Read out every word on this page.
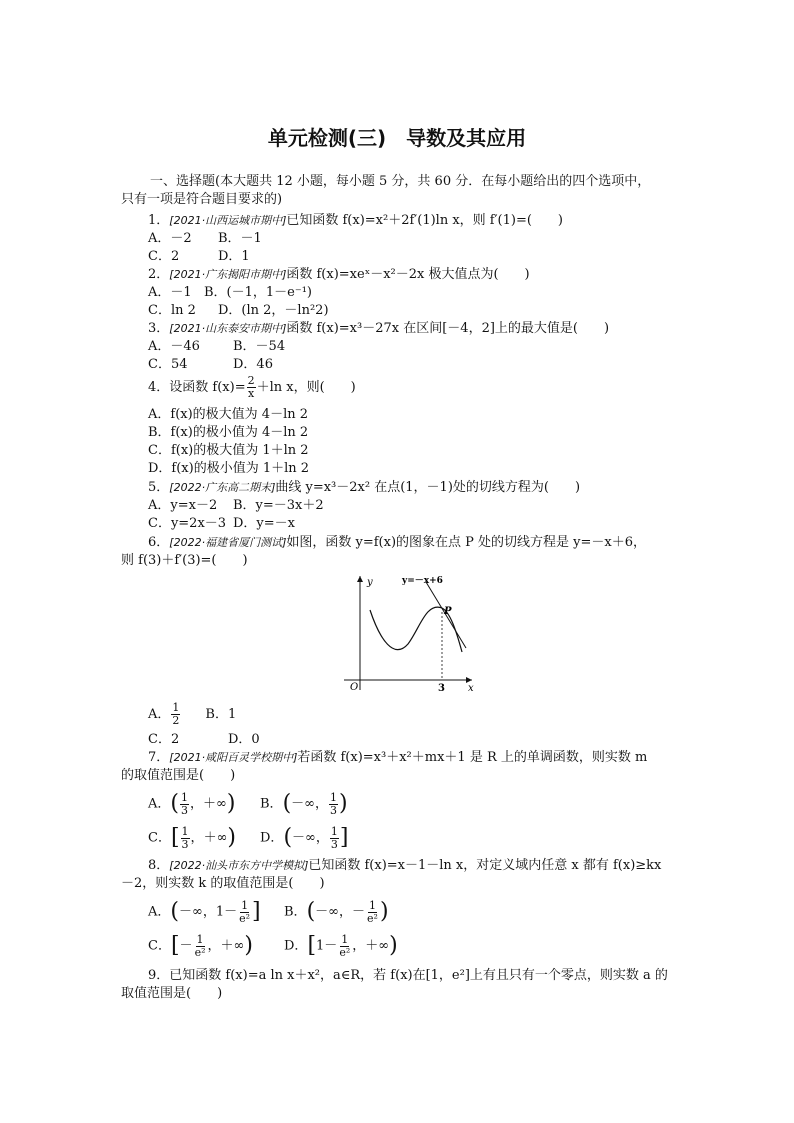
单元检测(三)　导数及其应用
一、选择题(本大题共 12 小题，每小题 5 分，共 60 分．在每小题给出的四个选项中，
只有一项是符合题目要求的)
1．[2021·山西运城市期中]已知函数 f(x)=x²＋2f′(1)ln x，则 f′(1)=(　　)
A．－2 B．－1
C．2	D．1
2．[2021·广东揭阳市期中]函数 f(x)=xeˣ－x²－2x 极大值点为(　　)
A．－1 B．(－1，1－e⁻¹)
C．ln 2 D．(ln 2，－ln²2)
3．[2021·山东泰安市期中]函数 f(x)=x³－27x 在区间[－4，2]上的最大值是(　　)
A．－46	B．－54
C．54	D．46
4．设函数 $f(x)= \frac{2}{x} +\ln$ x，则(　　)
A．f(x)的极大值为 4－ln 2
B．f(x)的极小值为 4－ln 2
C．f(x)的极大值为 1＋ln 2
D．f(x)的极小值为 1＋ln 2
5．[2022·广东高二期末]曲线 y=x³－2x² 在点(1，－1)处的切线方程为(　　)
A．y=x－2 B．y=－3x＋2
C．y=2x－3 D．y=－x
6．[2022·福建省厦门测试]如图，函数 y=f(x)的图象在点 P 处的切线方程是 y=－x＋6，
则 f(3)＋f′(3)=(　　)
y
x
O
y=－x+6
P
3
A． $\frac{1}{2}$ B．1
C．2	D．0
7．[2021·咸阳百灵学校期中]若函数 f(x)=x³＋x²＋mx＋1 是 R 上的单调函数，则实数 m
的取值范围是(　　)
A．( $\frac{1}{3}$ ，＋∞) B．(－∞， $\frac{1}{3}$ )
C．[ $\frac{1}{3}$ ，＋∞) D．(－∞， $\frac{1}{3}$ ]
8．[2022·汕头市东方中学模拟]已知函数 f(x)=x－1－ln x，对定义域内任意 x 都有 f(x)≥kx
－2，则实数 k 的取值范围是(　　)
A．(－∞，$1- \frac{1}{\text{e²}}$ ] B．(－∞，－ $\frac{1}{\text{e²}}$ )
C．[－ $\frac{1}{\text{e²}}$ ，＋∞) D．[$1- \frac{1}{\text{e²}}$ ，＋∞)
9．已知函数 f(x)=a ln x＋x²，a∈R，若 f(x)在[1，e²]上有且只有一个零点，则实数 a 的
取值范围是(　　)
